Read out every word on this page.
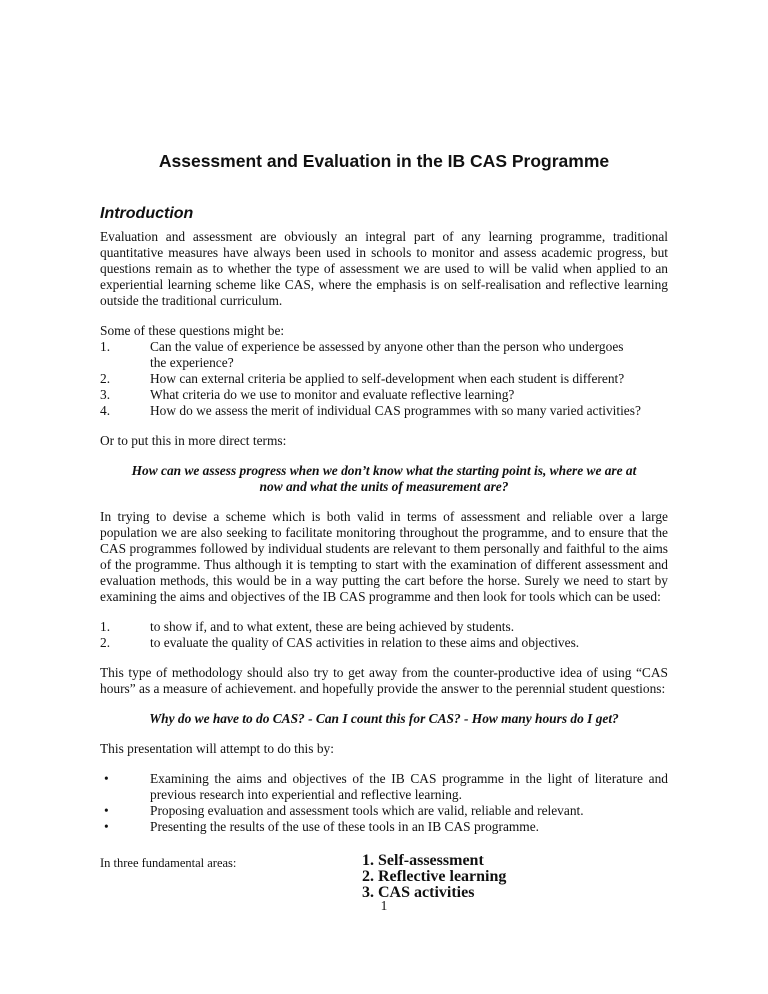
Assessment and Evaluation in the IB CAS Programme
Introduction
Evaluation and assessment are obviously an integral part of any learning programme, traditional quantitative measures have always been used in schools to monitor and assess academic progress, but questions remain as to whether the type of assessment we are used to will be valid when applied to an experiential learning scheme like CAS, where the emphasis is on self-realisation and reflective learning outside the traditional curriculum.
Some of these questions might be:
1.	Can the value of experience be assessed by anyone other than the person who undergoes the experience?
2.	How can external criteria be applied to self-development when each student is different?
3.	What criteria do we use to monitor and evaluate reflective learning?
4.	How do we assess the merit of individual CAS programmes with so many varied activities?
Or to put this in more direct terms:
How can we assess progress when we don’t know what the starting point is, where we are at now and what the units of measurement are?
In trying to devise a scheme which is both valid in terms of assessment and reliable over a large population we are also seeking to facilitate monitoring throughout the programme, and to ensure that the CAS programmes followed by individual students are relevant to them personally and faithful to the aims of the programme. Thus although it is tempting to start with the examination of different assessment and evaluation methods, this would be in a way putting the cart before the horse. Surely we need to start by examining the aims and objectives of the IB CAS programme and then look for tools which can be used:
1.	to show if, and to what extent, these are being achieved by students.
2.	to evaluate the quality of CAS activities in relation to these aims and objectives.
This type of methodology should also try to get away from the counter-productive idea of using “CAS hours” as a measure of achievement. and hopefully provide the answer to the perennial student questions:
Why do we have to do CAS? - Can I count this for CAS? - How many hours do I get?
This presentation will attempt to do this by:
•	Examining the aims and objectives of the IB CAS programme in the light of literature and previous research into experiential and reflective learning.
•	Proposing evaluation and assessment tools which are valid, reliable and relevant.
•	Presenting the results of the use of these tools in an IB CAS programme.
In three fundamental areas:	1. Self-assessment
2. Reflective learning
3. CAS activities
1
